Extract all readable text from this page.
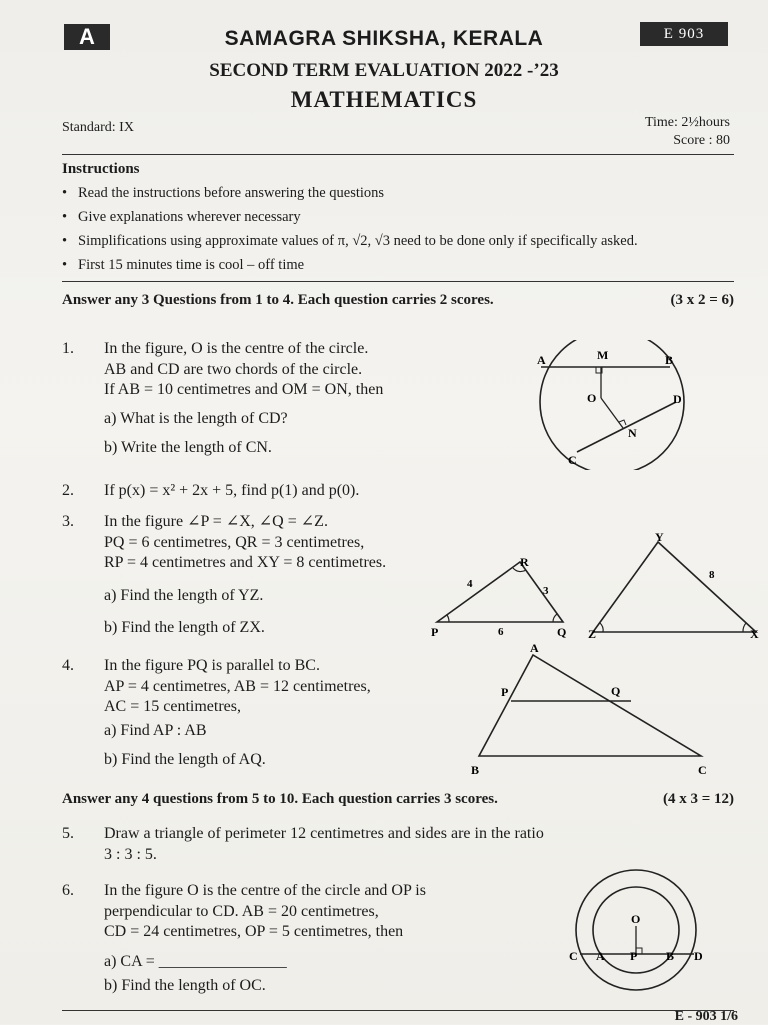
A	E 903
SAMAGRA SHIKSHA, KERALA
SECOND TERM EVALUATION 2022 -’23
MATHEMATICS
Standard: IX	Time: 2½hours
Score : 80
Instructions
• Read the instructions before answering the questions
• Give explanations wherever necessary
• Simplifications using approximate values of π, √2, √3 need to be done only if specifically asked.
• First 15 minutes time is cool – off time
Answer any 3 Questions from 1 to 4. Each question carries 2 scores.	(3 x 2 = 6)
1. In the figure, O is the centre of the circle.
AB and CD are two chords of the circle.
If AB = 10 centimetres and OM = ON, then
a) What is the length of CD?
b) Write the length of CN.
A	M	B
O	D
N
C
2. If p(x) = x² + 2x + 5, find p(1) and p(0).
3. In the figure ∠P = ∠X, ∠Q = ∠Z.
PQ = 6 centimetres, QR = 3 centimetres,
RP = 4 centimetres and XY = 8 centimetres.
a) Find the length of YZ.
b) Find the length of ZX.
R
P	Q
4
3
6
Y
Z	X
8
4. In the figure PQ is parallel to BC.
AP = 4 centimetres, AB = 12 centimetres,
AC = 15 centimetres,
a) Find AP : AB
b) Find the length of AQ.
A
P	Q
B	C
Answer any 4 questions from 5 to 10. Each question carries 3 scores.	(4 x 3 = 12)
5. Draw a triangle of perimeter 12 centimetres and sides are in the ratio
3 : 3 : 5.
6. In the figure O is the centre of the circle and OP is
perpendicular to CD. AB = 20 centimetres,
CD = 24 centimetres, OP = 5 centimetres, then
a) CA = ________________
b) Find the length of OC.
O
C A P B D
E - 903 1/6
